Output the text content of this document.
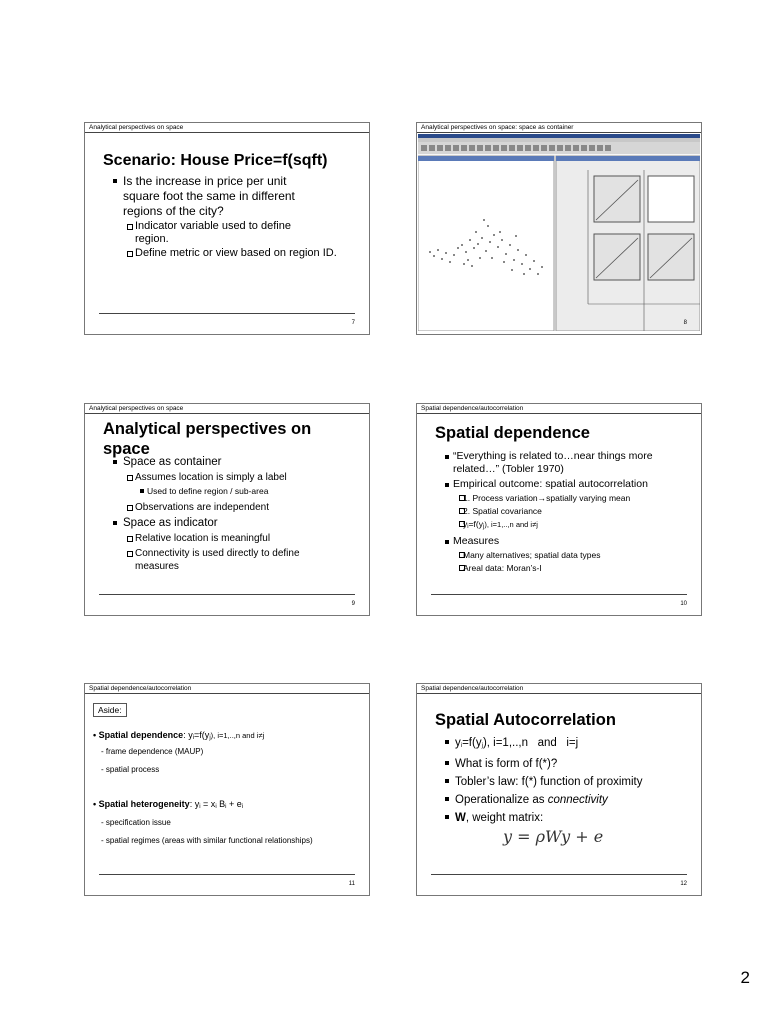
Analytical perspectives on space
Scenario: House Price=f(sqft)
Is the increase in price per unit square foot the same in different regions of the city?
Indicator variable used to define region.
Define metric or view based on region ID.
7
Analytical perspectives on space: space as container
8
Analytical perspectives on space
Analytical perspectives on
space
Space as container
Assumes location is simply a label
Used to define region / sub-area
Observations are independent
Space as indicator
Relative location is meaningful
Connectivity is used directly to define measures
9
Spatial dependence/autocorrelation
Spatial dependence
“Everything is related to…near things more related…” (Tobler 1970)
Empirical outcome: spatial autocorrelation
1. Process variation→spatially varying mean
2. Spatial covariance
yi=f(yj), i=1,..,n and i≠j
Measures
Many alternatives; spatial data types
Areal data: Moran’s-I
10
Spatial dependence/autocorrelation
Aside:
• Spatial dependence: yi=f(yj), i=1,..,n and i≠j
- frame dependence (MAUP)
- spatial process
• Spatial heterogeneity: yi = xi Bi + ei
- specification issue
- spatial regimes (areas with similar functional relationships)
11
Spatial dependence/autocorrelation
Spatial Autocorrelation
yi=f(yj), i=1,..,n and i=j
What is form of f(*)?
Tobler’s law: f(*) function of proximity
Operationalize as connectivity
W, weight matrix:
y = ρWy + e
12
2
